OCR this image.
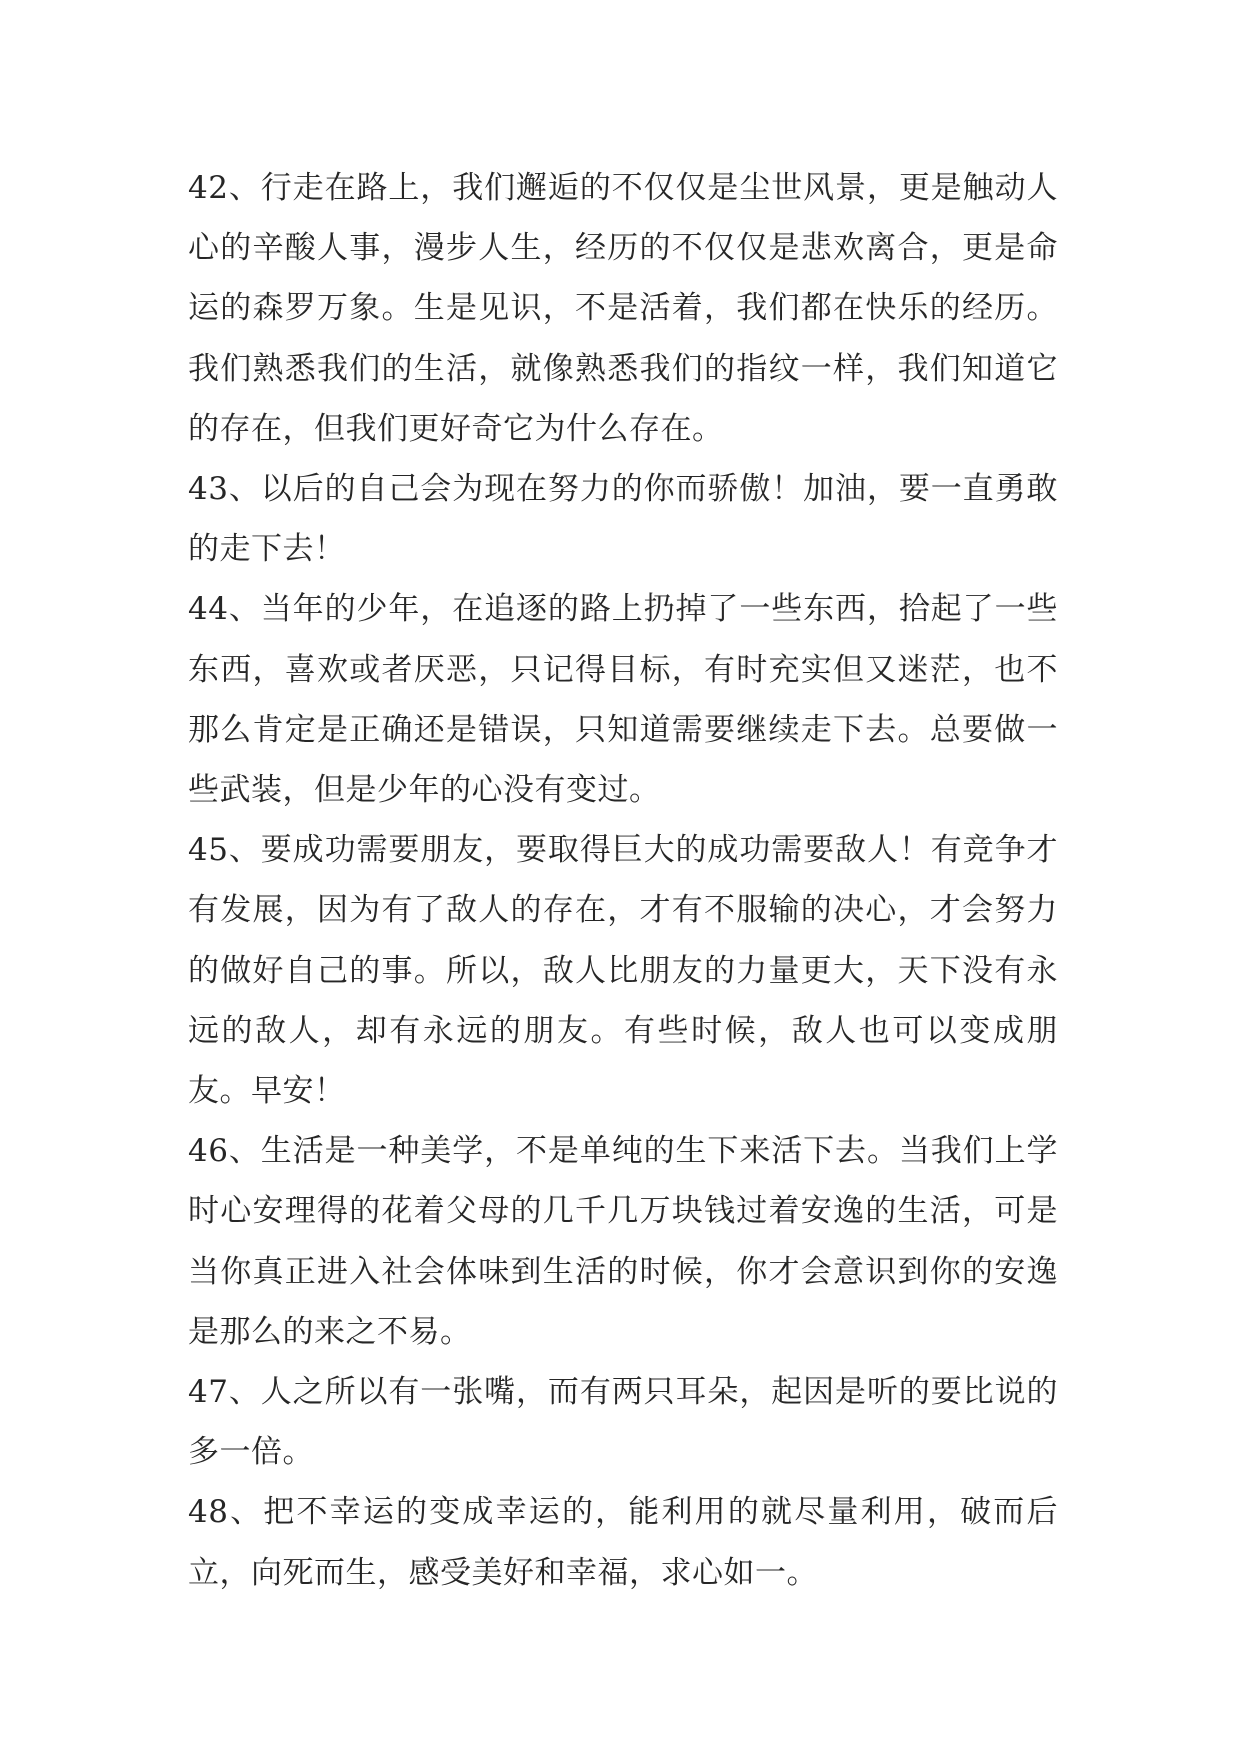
42、行走在路上，我们邂逅的不仅仅是尘世风景，更是触动人心的辛酸人事，漫步人生，经历的不仅仅是悲欢离合，更是命运的森罗万象。生是见识，不是活着，我们都在快乐的经历。我们熟悉我们的生活，就像熟悉我们的指纹一样，我们知道它的存在，但我们更好奇它为什么存在。

43、以后的自己会为现在努力的你而骄傲！加油，要一直勇敢的走下去！

44、当年的少年，在追逐的路上扔掉了一些东西，拾起了一些东西，喜欢或者厌恶，只记得目标，有时充实但又迷茫，也不那么肯定是正确还是错误，只知道需要继续走下去。总要做一些武装，但是少年的心没有变过。

45、要成功需要朋友，要取得巨大的成功需要敌人！有竞争才有发展，因为有了敌人的存在，才有不服输的决心，才会努力的做好自己的事。所以，敌人比朋友的力量更大，天下没有永远的敌人，却有永远的朋友。有些时候，敌人也可以变成朋友。早安！

46、生活是一种美学，不是单纯的生下来活下去。当我们上学时心安理得的花着父母的几千几万块钱过着安逸的生活，可是当你真正进入社会体味到生活的时候，你才会意识到你的安逸是那么的来之不易。

47、人之所以有一张嘴，而有两只耳朵，起因是听的要比说的多一倍。

48、把不幸运的变成幸运的，能利用的就尽量利用，破而后立，向死而生，感受美好和幸福，求心如一。
